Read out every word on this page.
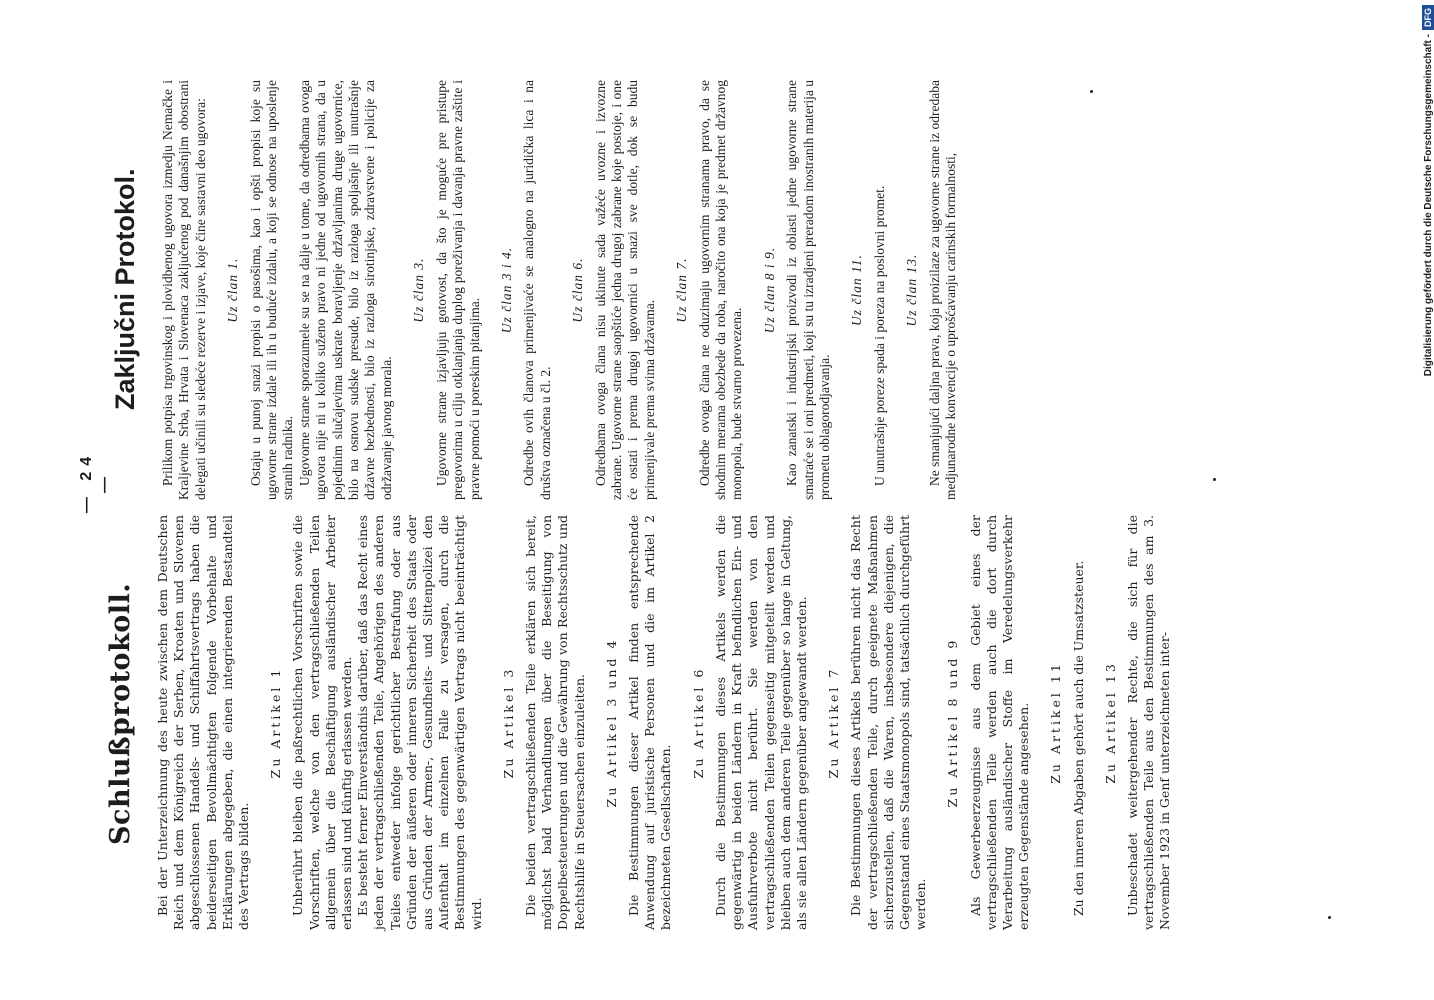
— 24 —
Schlußprotokoll.	Bei der Unterzeichnung des heute zwischen dem Deutschen Reich und dem Königreich der Serben, Kroaten und Slovenen abgeschlossenen Handels- und Schiffahrtsvertrags haben die beiderseitigen Bevollmächtigten folgende Vorbehalte und Erklärungen abgegeben, die einen integrierenden Bestandteil des Vertrags bilden.

Zu Artikel 1 Unberührt bleiben die paßrechtlichen Vorschriften sowie die Vorschriften, welche von den vertragschließenden Teilen allgemein über die Beschäftigung ausländischer Arbeiter erlassen sind und künftig erlassen werden. Es besteht ferner Einverständnis darüber, daß das Recht eines jeden der vertragschließenden Teile, Angehörigen des anderen Teiles entweder infolge gerichtlicher Bestrafung oder aus Gründen der äußeren oder inneren Sicherheit des Staats oder aus Gründen der Armen-, Gesundheits- und Sittenpolizei den Aufenthalt im einzelnen Falle zu versagen, durch die Bestimmungen des gegenwärtigen Vertrags nicht beeinträchtigt wird.

Zu Artikel 3 Die beiden vertragschließenden Teile erklären sich bereit, möglichst bald Verhandlungen über die Beseitigung von Doppelbesteuerungen und die Gewährung von Rechtsschutz und Rechtshilfe in Steuersachen einzuleiten. Zu Artikel 3 und 4 Die Bestimmungen dieser Artikel finden entsprechende Anwendung auf juristische Personen und die im Artikel 2 bezeichneten Gesellschaften.

Zu Artikel 6 Durch die Bestimmungen dieses Artikels werden die gegenwärtig in beiden Ländern in Kraft befindlichen Ein- und Ausfuhrverbote nicht berührt. Sie werden von den vertragschließenden Teilen gegenseitig mitgeteilt werden und bleiben auch dem anderen Teile gegenüber so lange in Geltung, als sie allen Ländern gegenüber angewandt werden. Zu Artikel 7 Die Bestimmungen dieses Artikels berühren nicht das Recht der vertragschließenden Teile, durch geeignete Maßnahmen sicherzustellen, daß die Waren, insbesondere diejenigen, die Gegenstand eines Staatsmonopols sind, tatsächlich durchgeführt werden.

Zu Artikel 8 und 9 Als Gewerbeerzeugnisse aus dem Gebiet eines der vertragschließenden Teile werden auch die dort durch Verarbeitung ausländischer Stoffe im Veredelungsverkehr erzeugten Gegenstände angesehen. Zu Artikel 11 Zu den inneren Abgaben gehört auch die Umsatzsteuer. Zu Artikel 13 Unbeschadet weitergehender Rechte, die sich für die vertragschließenden Teile aus den Bestimmungen des am 3. November 1923 in Genf unterzeichneten inter-

Zaključni Protokol.	Prilikom potpisa trgovinskog i plovidbenog ugovora izmedju Nemačke i Kraljevine Srba, Hrvata i Slovenaca zaključenog pod današnjim obostrani delegati učinili su sledeće rezerve i izjave, koje čine sastavni deo ugovora: Uz član 1. Ostaju u punoj snazi propisi o pasošima, kao i opšti propisi koje su ugovorne strane izdale ili ih u buduće izdalu, a koji se odnose na uposlenje stranih radnika. Ugovorne strane sporazumele su se na dalje u tome, da odredbama ovoga ugovora nije ni u koliko suženo pravo ni jedne od ugovornih strana, da u pojedinim slučajevima uskrate boravljenje državljanima druge ugovornice, bilo na osnovu sudske presude, bilo iz razloga spoljašnje ili unutrašnje državne bezbednosti, bilo iz razloga sirotinjske, zdravstvene i policije za održavanje javnog morala.

Uz član 3. Ugovorne strane izjavljuju gotovost, da što je moguće pre pristupe pregovorima u cilju otklanjanja duplog poreživanja i davanja pravne zaštite i pravne pomoći u poreskim pitanjima.

Uz član 3 i 4. Odredbe ovih članova primenjivaće se analogno na juridička lica i na društva označena u čl. 2.

Uz član 6. Odredbama ovoga člana nisu ukinute sada važeće uvozne i izvozne zabrane. Ugovorne strane saopštiće jedna drugoj zabrane koje postoje, i one će ostati i prema drugoj ugovornici u snazi sve dotle, dok se budu primenjivale prema svima državama.

Uz član 7. Odredbe ovoga člana ne oduzimaju ugovornim stranama pravo, da se shodnim merama obezbede da roba, naročito ona koja je predmet državnog monopola, bude stvarno provezena.

Uz član 8 i 9. Kao zanatski i industrijski proizvodi iz oblasti jedne ugovorne strane smatraće se i oni predmeti, koji su tu izradjeni preradom inostranih materija u prometu oblagorodjavanja.

Uz član 11. U unutrašnje poreze spada i poreza na poslovni promet. Uz član 13. Ne smanjujući daljna prava, koja proizilaze za ugovorne strane iz odredaba medjunarodne konvencije o uprošćavanju carinskih formalnosti,	Digitalisierung gefördert durch die Deutsche Forschungsgemeinschaft -
DFG
